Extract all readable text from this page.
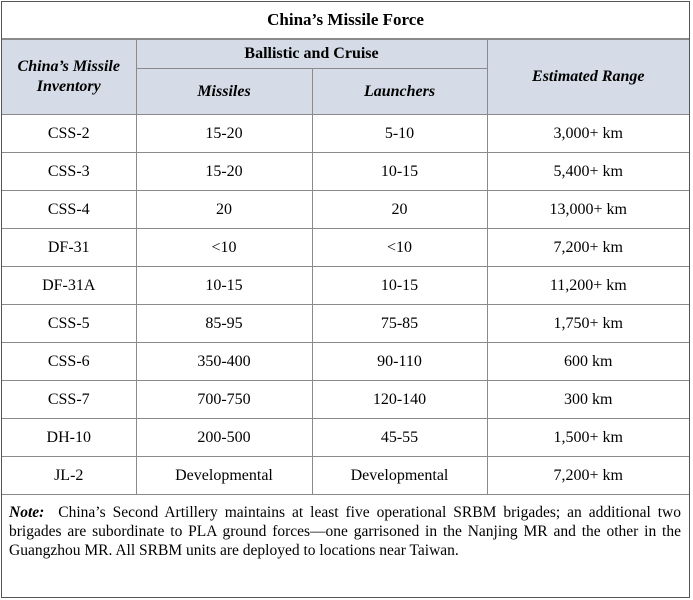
China’s Missile Force
China’s Missile Inventory	Ballistic and Cruise		Estimated Range
	Missiles	Launchers	
CSS-2	15-20	5-10	3,000+ km
CSS-3	15-20	10-15	5,400+ km
CSS-4	20	20	13,000+ km
DF-31	<10	<10	7,200+ km
DF-31A	10-15	10-15	11,200+ km
CSS-5	85-95	75-85	1,750+ km
CSS-6	350-400	90-110	600 km
CSS-7	700-750	120-140	300 km
DH-10	200-500	45-55	1,500+ km
JL-2	Developmental	Developmental	7,200+ km
Note: China’s Second Artillery maintains at least five operational SRBM brigades; an additional two brigades are subordinate to PLA ground forces—one garrisoned in the Nanjing MR and the other in the Guangzhou MR. All SRBM units are deployed to locations near Taiwan.
